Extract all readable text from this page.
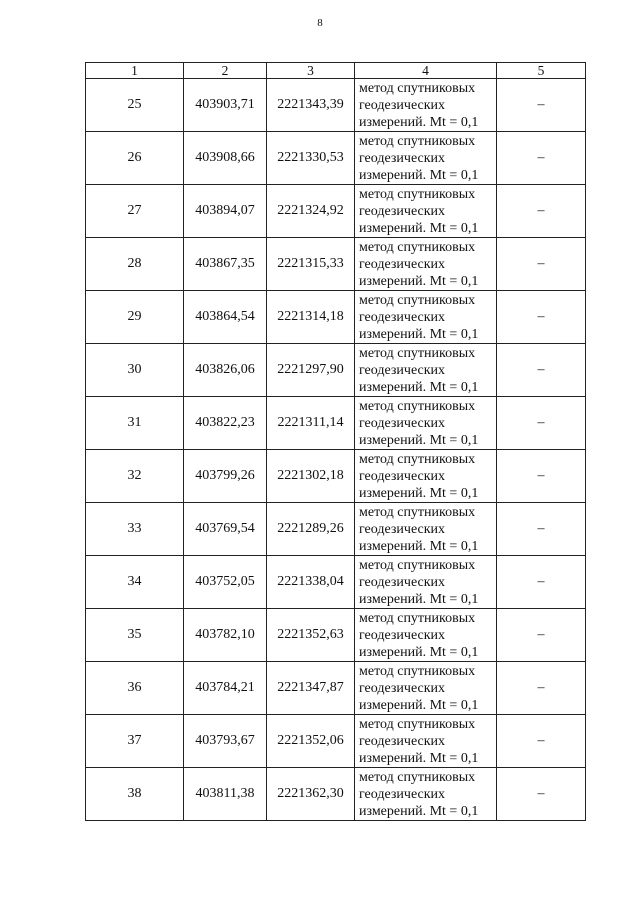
8
1	2	3	4	5
25	403903,71	2221343,39	метод спутниковых
геодезических
измерений. Mt = 0,1	–
26	403908,66	2221330,53	метод спутниковых
геодезических
измерений. Mt = 0,1	–
27	403894,07	2221324,92	метод спутниковых
геодезических
измерений. Mt = 0,1	–
28	403867,35	2221315,33	метод спутниковых
геодезических
измерений. Mt = 0,1	–
29	403864,54	2221314,18	метод спутниковых
геодезических
измерений. Mt = 0,1	–
30	403826,06	2221297,90	метод спутниковых
геодезических
измерений. Mt = 0,1	–
31	403822,23	2221311,14	метод спутниковых
геодезических
измерений. Mt = 0,1	–
32	403799,26	2221302,18	метод спутниковых
геодезических
измерений. Mt = 0,1	–
33	403769,54	2221289,26	метод спутниковых
геодезических
измерений. Mt = 0,1	–
34	403752,05	2221338,04	метод спутниковых
геодезических
измерений. Mt = 0,1	–
35	403782,10	2221352,63	метод спутниковых
геодезических
измерений. Mt = 0,1	–
36	403784,21	2221347,87	метод спутниковых
геодезических
измерений. Mt = 0,1	–
37	403793,67	2221352,06	метод спутниковых
геодезических
измерений. Mt = 0,1	–
38	403811,38	2221362,30	метод спутниковых
геодезических
измерений. Mt = 0,1	–
